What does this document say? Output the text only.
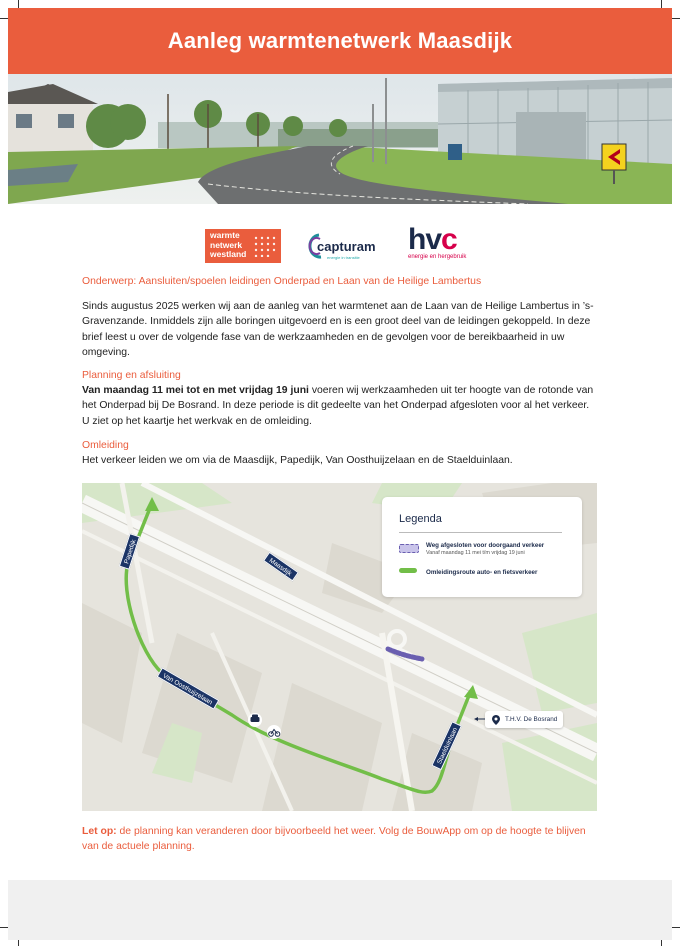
Aanleg warmtenetwerk Maasdijk
warmte
netwerk
westland	capturam
energie in transitie
hvc
energie en hergebruik
Onderwerp: Aansluiten/spoelen leidingen Onderpad en Laan van de Heilige Lambertus
Sinds augustus 2025 werken wij aan de aanleg van het warmtenet aan de Laan van de Heilige Lambertus in ’s-Gravenzande. Inmiddels zijn alle boringen uitgevoerd en is een groot deel van de leidingen gekoppeld. In deze brief leest u over de volgende fase van de werkzaamheden en de gevolgen voor de bereikbaarheid in uw omgeving.
Planning en afsluiting
Van maandag 11 mei tot en met vrijdag 19 juni voeren wij werkzaamheden uit ter hoogte van de rotonde van het Onderpad bij De Bosrand. In deze periode is dit gedeelte van het Onderpad afgesloten voor al het verkeer. U ziet op het kaartje het werkvak en de omleiding.
Omleiding
Het verkeer leiden we om via de Maasdijk, Papedijk, Van Oosthuijzelaan en de Staelduinlaan.
Papedijk
Maasdijk
Van Oosthuijzelaan
Staelduinlaan
Legenda
Weg afgesloten voor doorgaand verkeer
Vanaf maandag 11 mei t/m vrijdag 19 juni
Omleidingsroute auto- en fietsverkeer
T.H.V. De Bosrand
Let op: de planning kan veranderen door bijvoorbeeld het weer. Volg de BouwApp om op de hoogte te blijven van de actuele planning.
